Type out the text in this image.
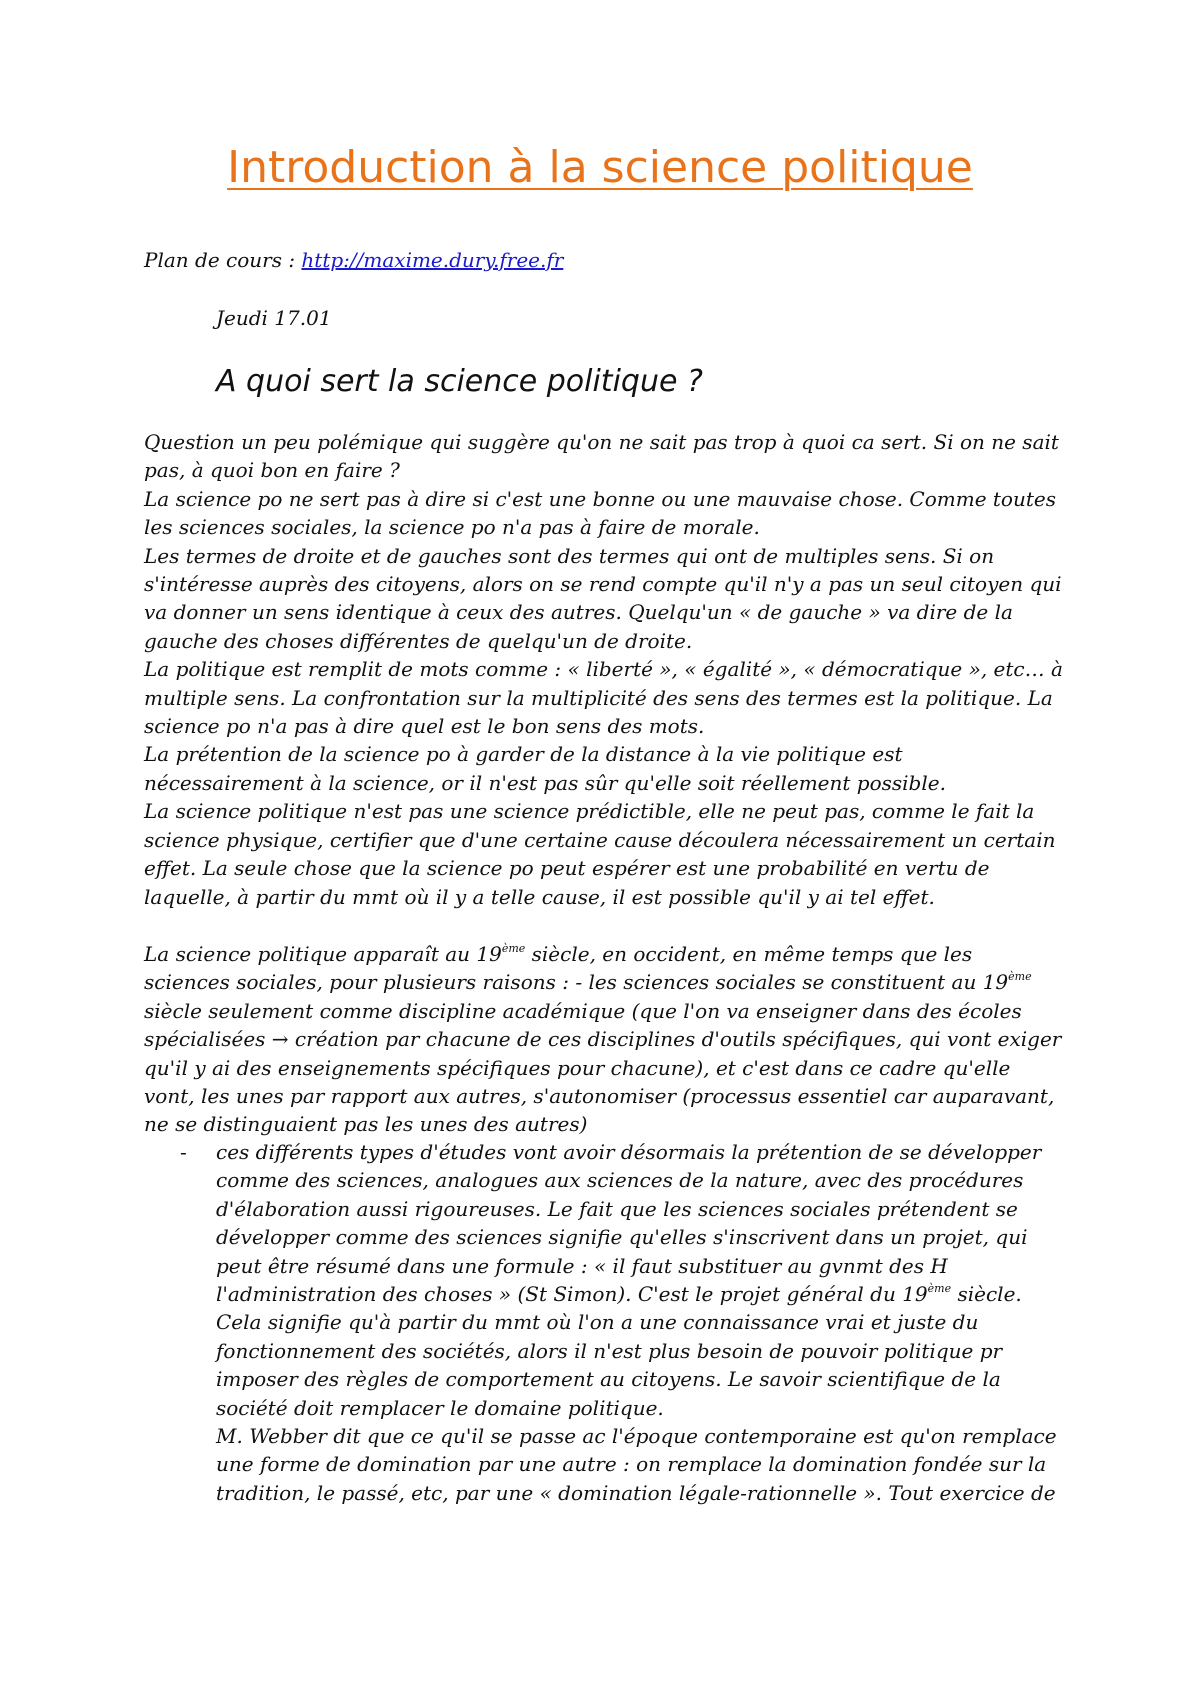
Introduction à la science politique
Plan de cours : http://maxime.dury.free.fr
Jeudi 17.01
A quoi sert la science politique ?

Question un peu polémique qui suggère qu'on ne sait pas trop à quoi ca sert. Si on ne sait pas, à quoi bon en faire ?

La science po ne sert pas à dire si c'est une bonne ou une mauvaise chose. Comme toutes les sciences sociales, la science po n'a pas à faire de morale.

Les termes de droite et de gauches sont des termes qui ont de multiples sens. Si on s'intéresse auprès des citoyens, alors on se rend compte qu'il n'y a pas un seul citoyen qui va donner un sens identique à ceux des autres. Quelqu'un « de gauche » va dire de la gauche des choses différentes de quelqu'un de droite.

La politique est remplit de mots comme : « liberté », « égalité », « démocratique », etc… à multiple sens. La confrontation sur la multiplicité des sens des termes est la politique. La science po n'a pas à dire quel est le bon sens des mots.

La prétention de la science po à garder de la distance à la vie politique est nécessairement à la science, or il n'est pas sûr qu'elle soit réellement possible.

La science politique n'est pas une science prédictible, elle ne peut pas, comme le fait la science physique, certifier que d'une certaine cause découlera nécessairement un certain effet. La seule chose que la science po peut espérer est une probabilité en vertu de laquelle, à partir du mmt où il y a telle cause, il est possible qu'il y ai tel effet.

La science politique apparaît au 19ème siècle, en occident, en même temps que les sciences sociales, pour plusieurs raisons : - les sciences sociales se constituent au 19ème siècle seulement comme discipline académique (que l'on va enseigner dans des écoles spécialisées → création par chacune de ces disciplines d'outils spécifiques, qui vont exiger qu'il y ai des enseignements spécifiques pour chacune), et c'est dans ce cadre qu'elle vont, les unes par rapport aux autres, s'autonomiser (processus essentiel car auparavant, ne se distinguaient pas les unes des autres)

- ces différents types d'études vont avoir désormais la prétention de se développer comme des sciences, analogues aux sciences de la nature, avec des procédures d'élaboration aussi rigoureuses. Le fait que les sciences sociales prétendent se développer comme des sciences signifie qu'elles s'inscrivent dans un projet, qui peut être résumé dans une formule : « il faut substituer au gvnmt des H l'administration des choses » (St Simon). C'est le projet général du 19ème siècle.

Cela signifie qu'à partir du mmt où l'on a une connaissance vrai et juste du fonctionnement des sociétés, alors il n'est plus besoin de pouvoir politique pr imposer des règles de comportement au citoyens. Le savoir scientifique de la société doit remplacer le domaine politique.

M. Webber dit que ce qu'il se passe ac l'époque contemporaine est qu'on remplace une forme de domination par une autre : on remplace la domination fondée sur la tradition, le passé, etc, par une « domination légale-rationnelle ». Tout exercice de
